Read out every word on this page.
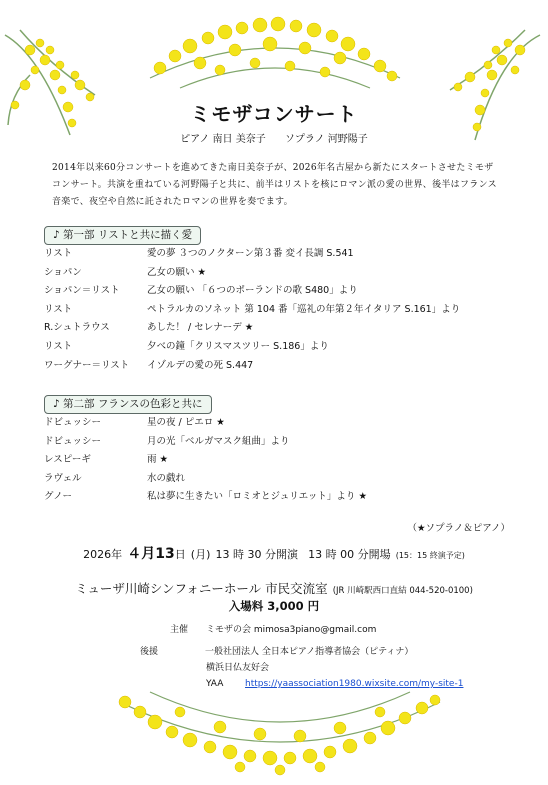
ミモザコンサート
ピアノ 南日 美奈子 ソプラノ 河野陽子
2014年以来60分コンサートを進めてきた南日美奈子が、2026年名古屋から新たにスタートさせたミモザコンサート。共演を重ねている河野陽子と共に、前半はリストを核にロマン派の愛の世界、後半はフランス音楽で、夜空や自然に託されたロマンの世界を奏でます。
♪ 第一部 リストと共に描く愛
リスト	愛の夢 ３つのノクターン第３番 変イ長調 S.541
ショパン	乙女の願い ★
ショパン＝リスト	乙女の願い 「６つのポーランドの歌 S480」より
リスト	ペトラルカのソネット 第 104 番「巡礼の年第２年イタリア S.161」より
R.シュトラウス	あした！ / セレナーデ ★
リスト	夕べの鐘「クリスマスツリー S.186」より
ワーグナー＝リスト イゾルデの愛の死 S.447
♪ 第二部 フランスの色彩と共に
ドビュッシー	星の夜 / ピエロ ★
ドビュッシー	月の光「ベルガマスク組曲」より
レスピーギ	雨 ★
ラヴェル	水の戯れ
グノー	私は夢に生きたい「ロミオとジュリエット」より ★
（★ソプラノ＆ピアノ）
2026年 ４月13日 (月) 13 時 30 分開演 13 時 00 分開場 (15：15 終演予定)
ミューザ川崎シンフォニーホール 市民交流室 (JR 川崎駅西口直結 044-520-0100)
入場料 3,000 円
主催 ミモザの会 mimosa3piano@gmail.com
後援	一般社団法人 全日本ピアノ指導者協会（ピティナ）
横浜日仏友好会
YAA https://yaassociation1980.wixsite.com/my-site-1
